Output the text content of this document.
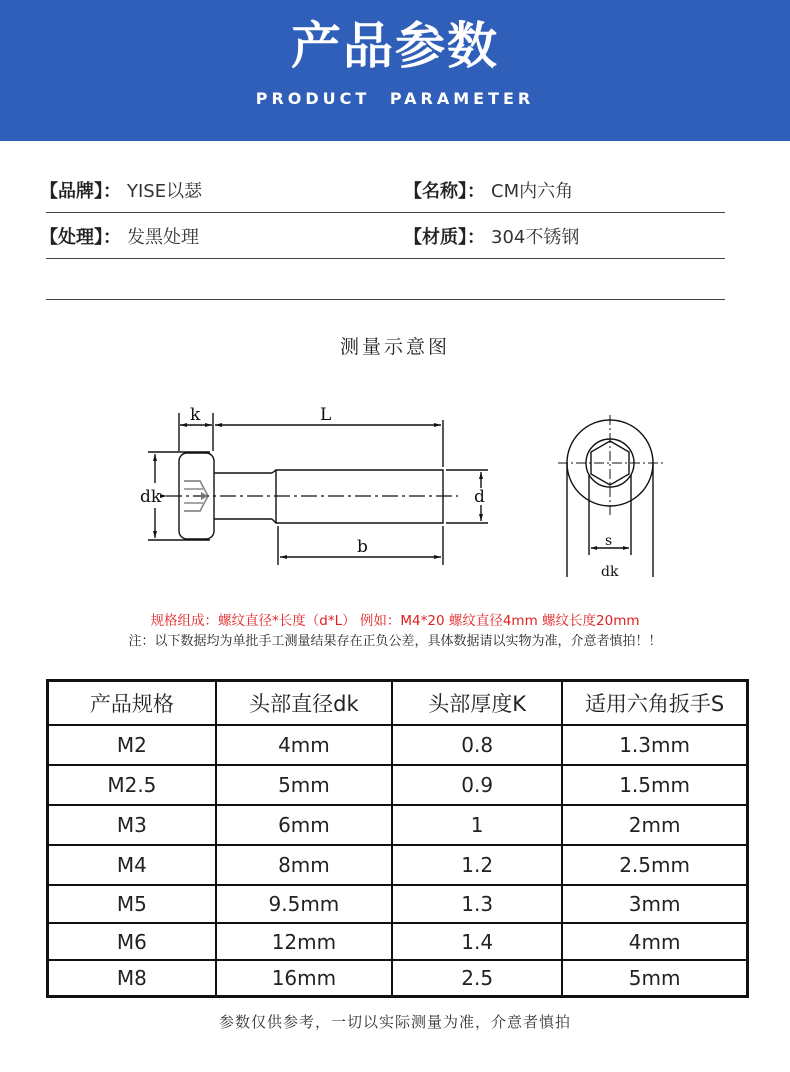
产品参数
PRODUCT PARAMETER
【品牌】： YISE以瑟	【名称】： CM内六角
【处理】： 发黑处理	【材质】： 304不锈钢
测量示意图
k	L
dk	d
b	s
dk
规格组成：螺纹直径*长度（d*L） 例如：M4*20 螺纹直径4mm 螺纹长度20mm
注：以下数据均为单批手工测量结果存在正负公差，具体数据请以实物为准，介意者慎拍！！
产品规格	头部直径dk	头部厚度K	适用六角扳手S
M2	4mm	0.8	1.3mm
M2.5	5mm	0.9	1.5mm
M3	6mm	1	2mm
M4	8mm	1.2	2.5mm
M5	9.5mm	1.3	3mm
M6	12mm	1.4	4mm
M8	16mm	2.5	5mm
参数仅供参考，一切以实际测量为准，介意者慎拍
